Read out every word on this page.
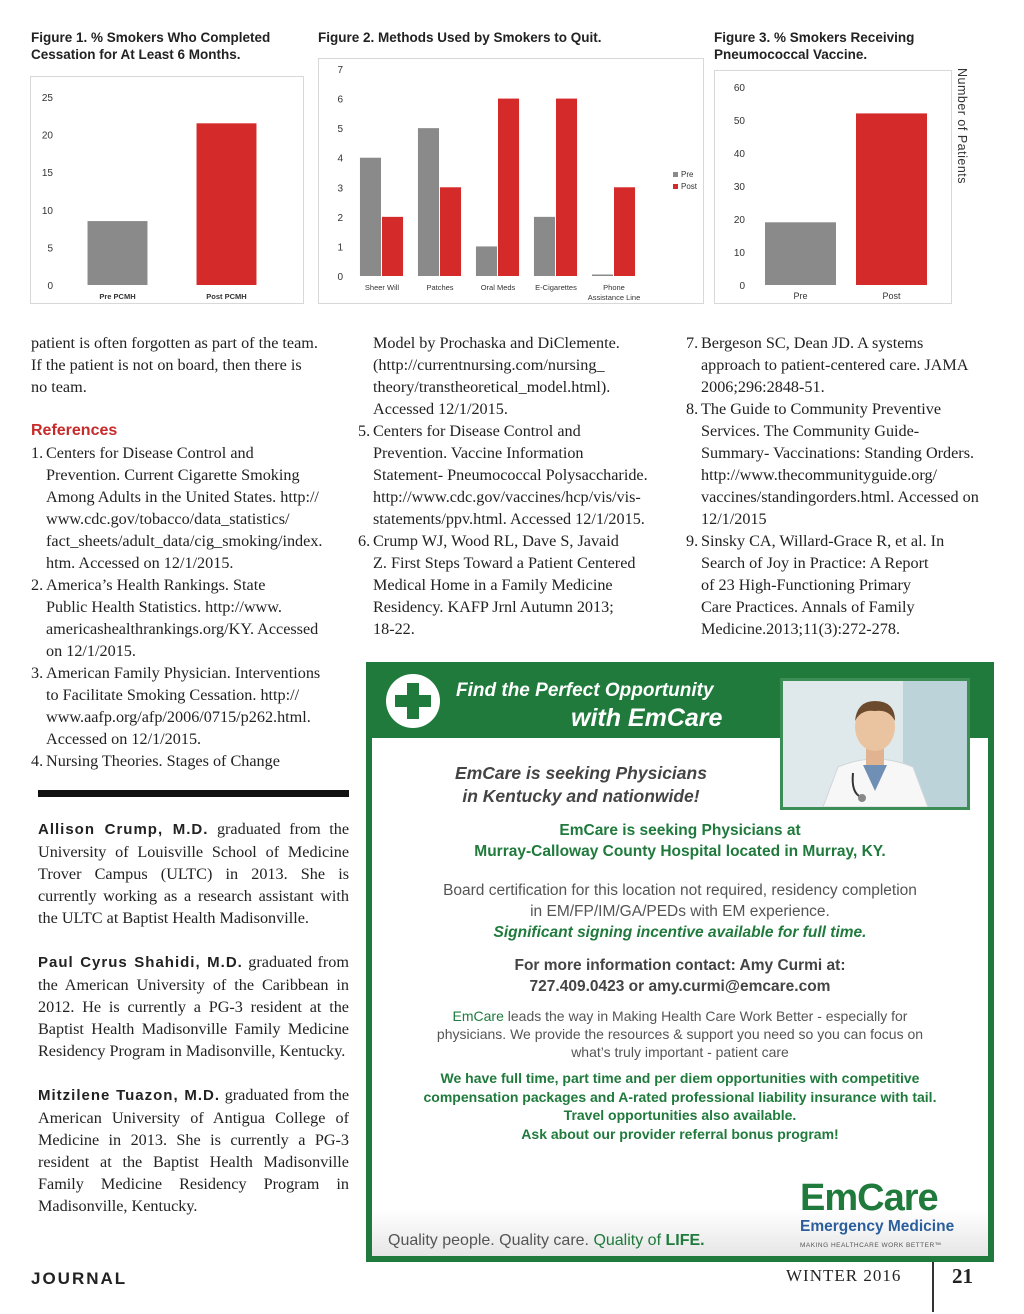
Figure 1. % Smokers Who Completed
Cessation for At Least 6 Months.
Figure 2. Methods Used by Smokers to Quit.	Figure 3. % Smokers Receiving
Pneumococcal Vaccine.
0
5
10
15
20
25
Pre PCMH	Post PCMH
0
1
2
3
4
5
6
7
Sheer Will	Patches	Oral Meds	E-Cigarettes	Phone Assistance Line
Pre
Post
0
10
20
30
40
50
60
Pre	Post
Number of Patients
patient is often forgotten as part of the team.
If the patient is not on board, then there is
no team.
References
1. Centers for Disease Control and
Prevention. Current Cigarette Smoking
Among Adults in the United States. http://
www.cdc.gov/tobacco/data_statistics/
fact_sheets/adult_data/cig_smoking/index.
htm. Accessed on 12/1/2015.
2. America’s Health Rankings. State
Public Health Statistics. http://www.
americashealthrankings.org/KY. Accessed
on 12/1/2015.
3. American Family Physician. Interventions
to Facilitate Smoking Cessation. http://
www.aafp.org/afp/2006/0715/p262.html.
Accessed on 12/1/2015.
4. Nursing Theories. Stages of Change
Model by Prochaska and DiClemente.
(http://currentnursing.com/nursing_
theory/transtheoretical_model.html).
Accessed 12/1/2015.
5. Centers for Disease Control and
Prevention. Vaccine Information
Statement- Pneumococcal Polysaccharide.
http://www.cdc.gov/vaccines/hcp/vis/vis-
statements/ppv.html. Accessed 12/1/2015.
6. Crump WJ, Wood RL, Dave S, Javaid
Z. First Steps Toward a Patient Centered
Medical Home in a Family Medicine
Residency. KAFP Jrnl Autumn 2013;
18-22.
7. Bergeson SC, Dean JD. A systems
approach to patient-centered care. JAMA
2006;296:2848-51.
8. The Guide to Community Preventive
Services. The Community Guide-
Summary- Vaccinations: Standing Orders.
http://www.thecommunityguide.org/
vaccines/standingorders.html. Accessed on
12/1/2015
9. Sinsky CA, Willard-Grace R, et al. In
Search of Joy in Practice: A Report
of 23 High-Functioning Primary
Care Practices. Annals of Family
Medicine.2013;11(3):272-278.

Allison Crump, M.D. graduated from the University of Louisville School of Medicine Trover Campus (ULTC) in 2013. She is currently working as a research assistant with the ULTC at Baptist Health Madisonville.

Paul Cyrus Shahidi, M.D. graduated from the American University of the Caribbean in 2012. He is currently a PG-3 resident at the Baptist Health Madisonville Family Medicine Residency Program in Madisonville, Kentucky.

Mitzilene Tuazon, M.D. graduated from the American University of Antigua College of Medicine in 2013. She is currently a PG-3 resident at the Baptist Health Madisonville Family Medicine Residency Program in Madisonville, Kentucky.

Find the Perfect Opportunity
with EmCare
EmCare is seeking Physicians
in Kentucky and nationwide!
EmCare is seeking Physicians at
Murray-Calloway County Hospital located in Murray, KY.
Board certification for this location not required, residency completion
in EM/FP/IM/GA/PEDs with EM experience.
Significant signing incentive available for full time.
For more information contact: Amy Curmi at:
727.409.0423 or amy.curmi@emcare.com
EmCare leads the way in Making Health Care Work Better - especially for
physicians. We provide the resources & support you need so you can focus on
what’s truly important - patient care
We have full time, part time and per diem opportunities with competitive
compensation packages and A-rated professional liability insurance with tail.
Travel opportunities also available.
Ask about our provider referral bonus program!
Quality people. Quality care. Quality of LIFE.
EmCare
Emergency Medicine
MAKING HEALTHCARE WORK BETTER™
JOURNAL	WINTER 2016 21
